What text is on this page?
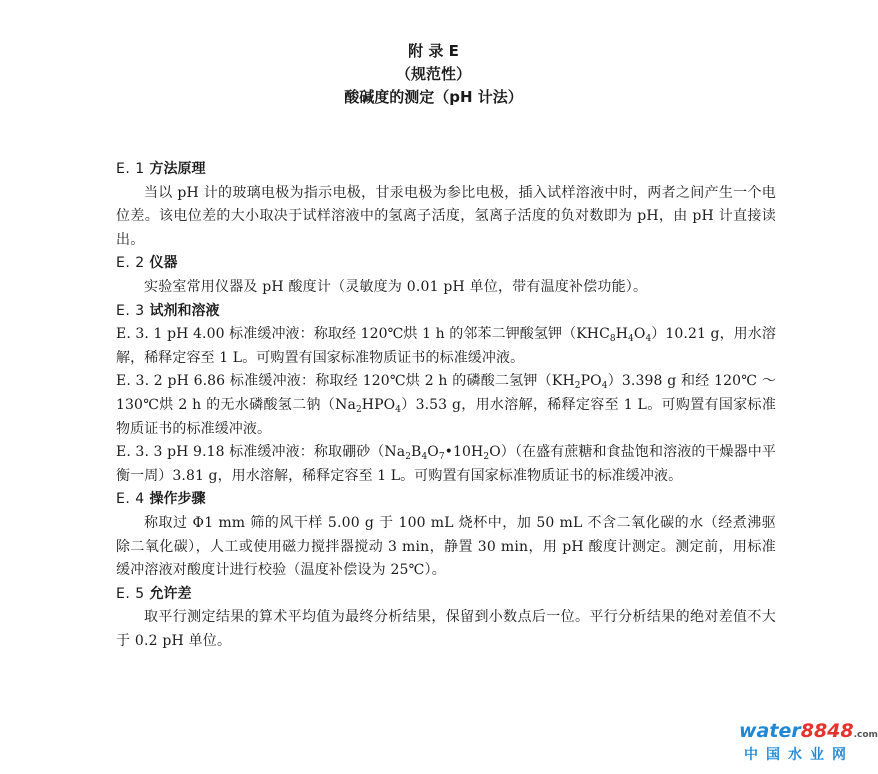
附 录 E
（规范性）
酸碱度的测定（pH 计法）
E. 1 方法原理
当以 pH 计的玻璃电极为指示电极，甘汞电极为参比电极，插入试样溶液中时，两者之间产生一个电位差。该电位差的大小取决于试样溶液中的氢离子活度，氢离子活度的负对数即为 pH，由 pH 计直接读出。
E. 2 仪器
实验室常用仪器及 pH 酸度计（灵敏度为 0.01 pH 单位，带有温度补偿功能）。
E. 3 试剂和溶液
E. 3. 1 pH 4.00 标准缓冲液：称取经 120℃烘 1 h 的邻苯二钾酸氢钾$(KHC_8H_4O_4)10.21$ g，用水溶解，稀释定容至 1 L。可购置有国家标准物质证书的标准缓冲液。
E. 3. 2 pH 6.86 标准缓冲液：称取经 120℃烘 2 h 的磷酸二氢钾$(KH_2PO_4)3.398$ g 和经 120℃ ～130℃烘 2 h 的无水磷酸氢二钠$(Na_2HPO_4)3.53$ g，用水溶解，稀释定容至 1 L。可购置有国家标准物质证书的标准缓冲液。
E. 3. 3 pH 9.18 标准缓冲液：称取硼砂$(Na_2B_4O_7•10H_2O)$（在盛有蔗糖和食盐饱和溶液的干燥器中平衡一周）3.81 g，用水溶解，稀释定容至 1 L。可购置有国家标准物质证书的标准缓冲液。
E. 4 操作步骤
称取过 Φ1 mm 筛的风干样 5.00 g 于 100 mL 烧杯中，加 50 mL 不含二氧化碳的水（经煮沸驱除二氧化碳），人工或使用磁力搅拌器搅动 3 min，静置 30 min，用 pH 酸度计测定。测定前，用标准缓冲溶液对酸度计进行校验（温度补偿设为 25℃）。
E. 5 允许差
取平行测定结果的算术平均值为最终分析结果，保留到小数点后一位。平行分析结果的绝对差值不大于 0.2 pH 单位。
water8848.com
中国水业网
